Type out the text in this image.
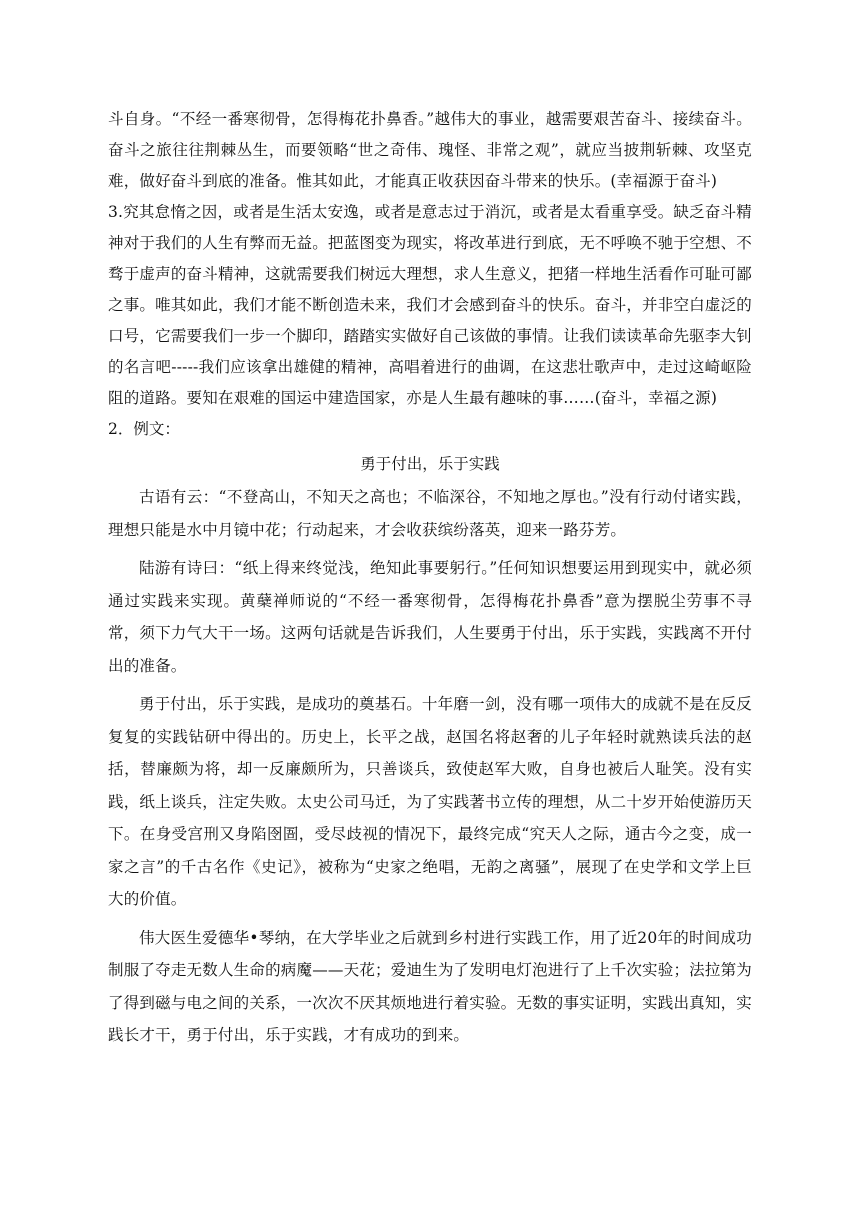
斗自身。“不经一番寒彻骨，怎得梅花扑鼻香。”越伟大的事业，越需要艰苦奋斗、接续奋斗。奋斗之旅往往荆棘丛生，而要领略“世之奇伟、瑰怪、非常之观”，就应当披荆斩棘、攻坚克难，做好奋斗到底的准备。惟其如此，才能真正收获因奋斗带来的快乐。(幸福源于奋斗)

3.究其怠惰之因，或者是生活太安逸，或者是意志过于消沉，或者是太看重享受。缺乏奋斗精神对于我们的人生有弊而无益。把蓝图变为现实，将改革进行到底，无不呼唤不驰于空想、不骛于虚声的奋斗精神，这就需要我们树远大理想，求人生意义，把猪一样地生活看作可耻可鄙之事。唯其如此，我们才能不断创造未来，我们才会感到奋斗的快乐。奋斗，并非空白虚泛的口号，它需要我们一步一个脚印，踏踏实实做好自己该做的事情。让我们读读革命先驱李大钊的名言吧-----我们应该拿出雄健的精神，高唱着进行的曲调，在这悲壮歌声中，走过这崎岖险阻的道路。要知在艰难的国运中建造国家，亦是人生最有趣味的事……(奋斗，幸福之源)

2．例文：

勇于付出，乐于实践

古语有云：“不登高山，不知天之高也；不临深谷，不知地之厚也。”没有行动付诸实践，理想只能是水中月镜中花；行动起来，才会收获缤纷落英，迎来一路芬芳。

陆游有诗曰：“纸上得来终觉浅，绝知此事要躬行。”任何知识想要运用到现实中，就必须通过实践来实现。黄蘖禅师说的“不经一番寒彻骨，怎得梅花扑鼻香”意为摆脱尘劳事不寻常，须下力气大干一场。这两句话就是告诉我们，人生要勇于付出，乐于实践，实践离不开付出的准备。

勇于付出，乐于实践，是成功的奠基石。十年磨一剑，没有哪一项伟大的成就不是在反反复复的实践钻研中得出的。历史上，长平之战，赵国名将赵奢的儿子年轻时就熟读兵法的赵括，替廉颇为将，却一反廉颇所为，只善谈兵，致使赵军大败，自身也被后人耻笑。没有实践，纸上谈兵，注定失败。太史公司马迁，为了实践著书立传的理想，从二十岁开始使游历天下。在身受宫刑又身陷囹圄，受尽歧视的情况下，最终完成“究天人之际，通古今之变，成一家之言”的千古名作《史记》，被称为“史家之绝唱，无韵之离骚”，展现了在史学和文学上巨大的价值。

伟大医生爱德华•琴纳，在大学毕业之后就到乡村进行实践工作，用了近20年的时间成功制服了夺走无数人生命的病魔——天花；爱迪生为了发明电灯泡进行了上千次实验；法拉第为了得到磁与电之间的关系，一次次不厌其烦地进行着实验。无数的事实证明，实践出真知，实践长才干，勇于付出，乐于实践，才有成功的到来。
